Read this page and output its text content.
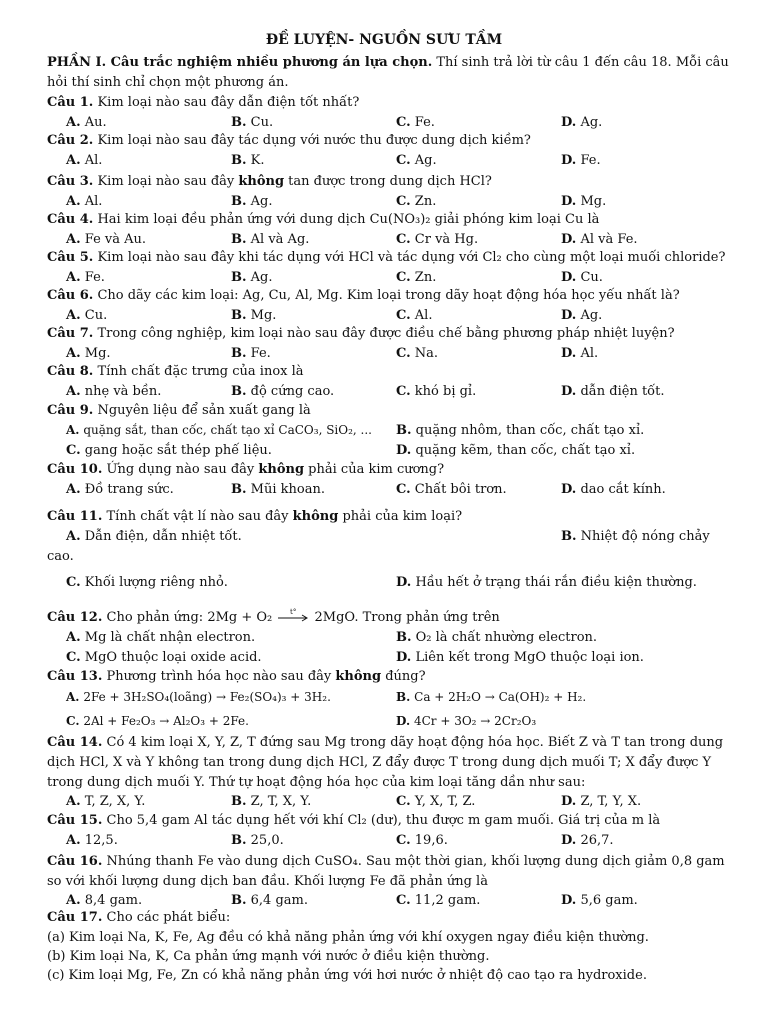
ĐỀ LUYỆN- NGUỒN SƯU TẦM
PHẦN I. Câu trắc nghiệm nhiều phương án lựa chọn. Thí sinh trả lời từ câu 1 đến câu 18. Mỗi câu
hỏi thí sinh chỉ chọn một phương án.
Câu 1. Kim loại nào sau đây dẫn điện tốt nhất?
A. Au.	B. Cu.	C. Fe.	D. Ag.
Câu 2. Kim loại nào sau đây tác dụng với nước thu được dung dịch kiềm?
A. Al.	B. K.	C. Ag.	D. Fe.
Câu 3. Kim loại nào sau đây không tan được trong dung dịch HCl?
A. Al.	B. Ag.	C. Zn.	D. Mg.
Câu 4. Hai kim loại đều phản ứng với dung dịch Cu(NO₃)₂ giải phóng kim loại Cu là
A. Fe và Au.	B. Al và Ag.	C. Cr và Hg.	D. Al và Fe.
Câu 5. Kim loại nào sau đây khi tác dụng với HCl và tác dụng với Cl₂ cho cùng một loại muối chloride?
A. Fe.	B. Ag.	C. Zn.	D. Cu.
Câu 6. Cho dãy các kim loại: Ag, Cu, Al, Mg. Kim loại trong dãy hoạt động hóa học yếu nhất là?
A. Cu.	B. Mg.	C. Al.	D. Ag.
Câu 7. Trong công nghiệp, kim loại nào sau đây được điều chế bằng phương pháp nhiệt luyện?
A. Mg.	B. Fe.	C. Na.	D. Al.
Câu 8. Tính chất đặc trưng của inox là
A. nhẹ và bền.	B. độ cứng cao.	C. khó bị gỉ.	D. dẫn điện tốt.
Câu 9. Nguyên liệu để sản xuất gang là
A. quặng sắt, than cốc, chất tạo xỉ CaCO₃, SiO₂, ... B. quặng nhôm, than cốc, chất tạo xỉ.
C. gang hoặc sắt thép phế liệu.	D. quặng kẽm, than cốc, chất tạo xỉ.
Câu 10. Ứng dụng nào sau đây không phải của kim cương?
A. Đồ trang sức.	B. Mũi khoan.	C. Chất bôi trơn.	D. dao cắt kính.
Câu 11. Tính chất vật lí nào sau đây không phải của kim loại?
A. Dẫn điện, dẫn nhiệt tốt.	B. Nhiệt độ nóng chảy
cao.
C. Khối lượng riêng nhỏ.	D. Hầu hết ở trạng thái rắn điều kiện thường.
Câu 12. Cho phản ứng: 2Mg + O₂ t° 2MgO. Trong phản ứng trên
A. Mg là chất nhận electron.	B. O₂ là chất nhường electron.
C. MgO thuộc loại oxide acid.	D. Liên kết trong MgO thuộc loại ion.
Câu 13. Phương trình hóa học nào sau đây không đúng?
A. 2Fe + 3H₂SO₄(loãng) → Fe₂(SO₄)₃ + 3H₂.	B. Ca + 2H₂O → Ca(OH)₂ + H₂.
C. 2Al + Fe₂O₃ → Al₂O₃ + 2Fe.	D. 4Cr + 3O₂ → 2Cr₂O₃
Câu 14. Có 4 kim loại X, Y, Z, T đứng sau Mg trong dãy hoạt động hóa học. Biết Z và T tan trong dung dịch HCl, X và Y không tan trong dung dịch HCl, Z đẩy được T trong dung dịch muối T; X đẩy được Y trong dung dịch muối Y. Thứ tự hoạt động hóa học của kim loại tăng dần như sau:
A. T, Z, X, Y.	B. Z, T, X, Y.	C. Y, X, T, Z.	D. Z, T, Y, X.
Câu 15. Cho 5,4 gam Al tác dụng hết với khí Cl₂ (dư), thu được m gam muối. Giá trị của m là
A. 12,5.	B. 25,0.	C. 19,6.	D. 26,7.
Câu 16. Nhúng thanh Fe vào dung dịch CuSO₄. Sau một thời gian, khối lượng dung dịch giảm 0,8 gam so với khối lượng dung dịch ban đầu. Khối lượng Fe đã phản ứng là
A. 8,4 gam.	B. 6,4 gam.	C. 11,2 gam.	D. 5,6 gam.
Câu 17. Cho các phát biểu:
(a) Kim loại Na, K, Fe, Ag đều có khả năng phản ứng với khí oxygen ngay điều kiện thường.
(b) Kim loại Na, K, Ca phản ứng mạnh với nước ở điều kiện thường.
(c) Kim loại Mg, Fe, Zn có khả năng phản ứng với hơi nước ở nhiệt độ cao tạo ra hydroxide.
